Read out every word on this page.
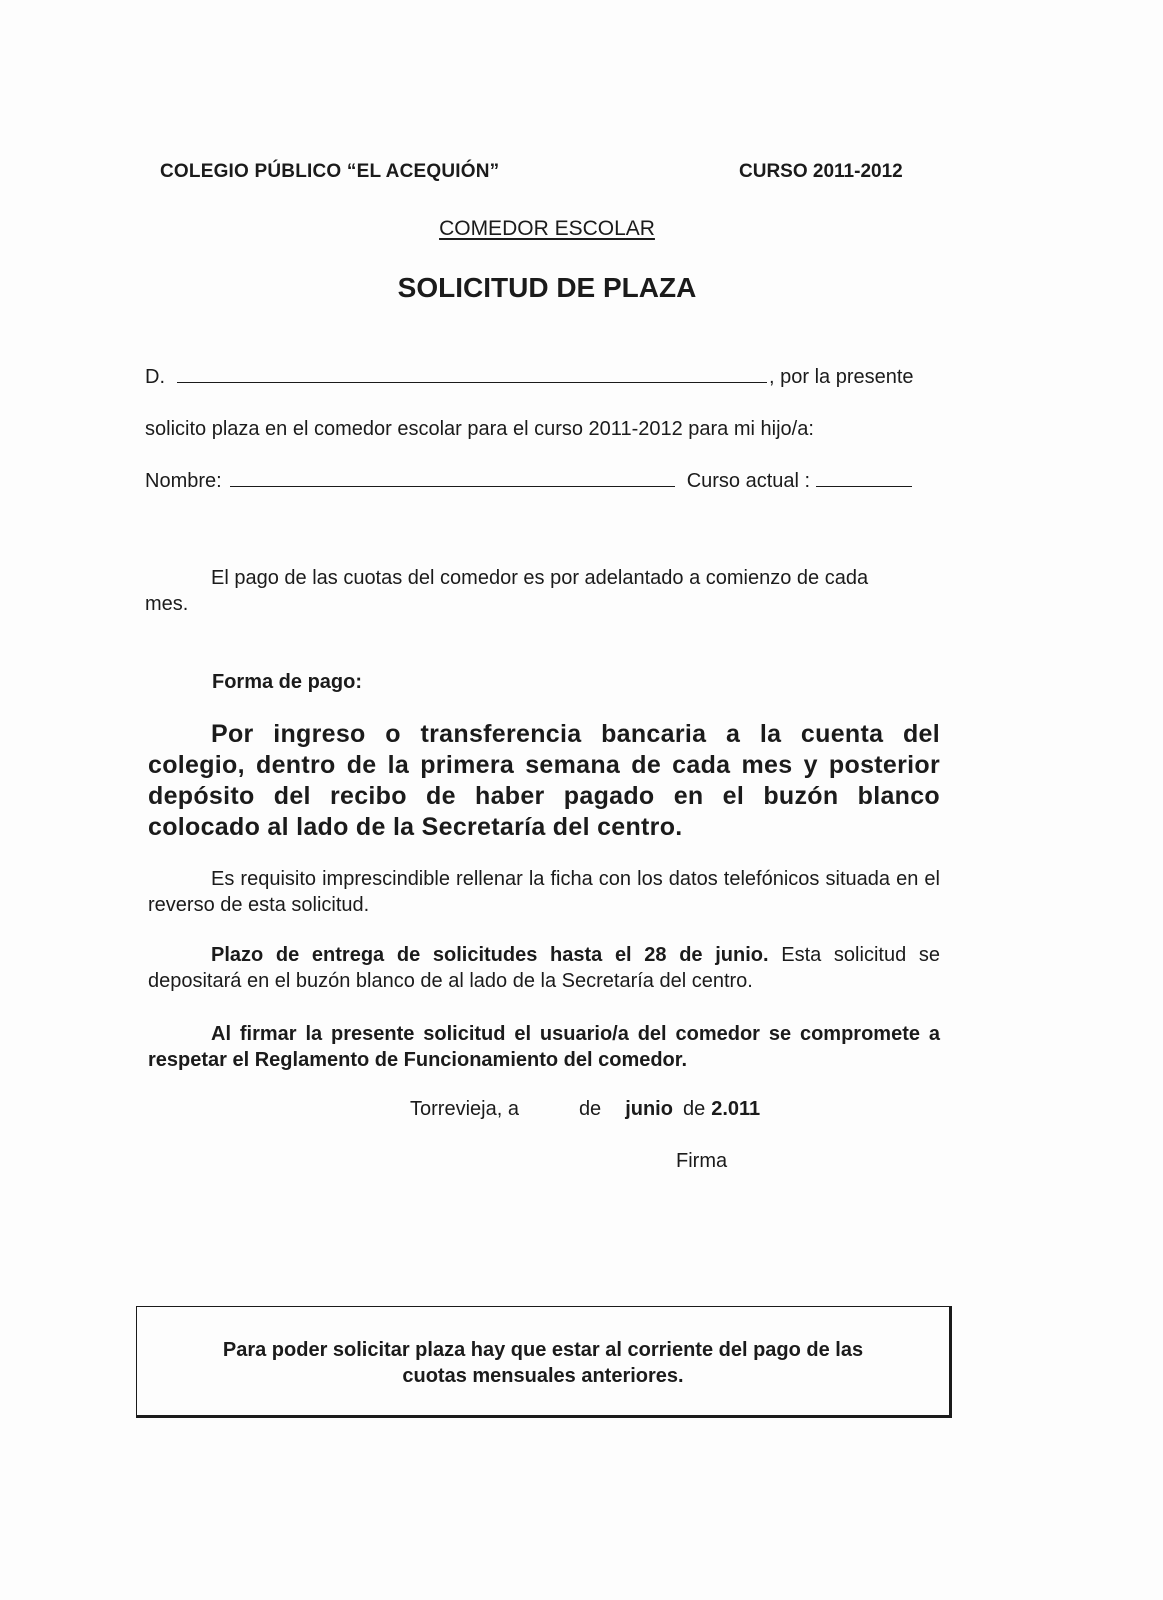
COLEGIO PÚBLICO “EL ACEQUIÓN”	CURSO 2011-2012
COMEDOR ESCOLAR
SOLICITUD DE PLAZA
D.	, por la presente
solicito plaza en el comedor escolar para el curso 2011-2012 para mi hijo/a:
Nombre:	Curso actual :
El pago de las cuotas del comedor es por adelantado a comienzo de cada mes.
Forma de pago:
Por ingreso o transferencia bancaria a la cuenta del colegio, dentro de la primera semana de cada mes y posterior depósito del recibo de haber pagado en el buzón blanco colocado al lado de la Secretaría del centro.
Es requisito imprescindible rellenar la ficha con los datos telefónicos situada en el reverso de esta solicitud.
Plazo de entrega de solicitudes hasta el 28 de junio. Esta solicitud se depositará en el buzón blanco de al lado de la Secretaría del centro.
Al firmar la presente solicitud el usuario/a del comedor se compromete a respetar el Reglamento de Funcionamiento del comedor.
Torrevieja, a	de junio de 2.011
Firma

Para poder solicitar plaza hay que estar al corriente del pago de las
cuotas mensuales anteriores.
